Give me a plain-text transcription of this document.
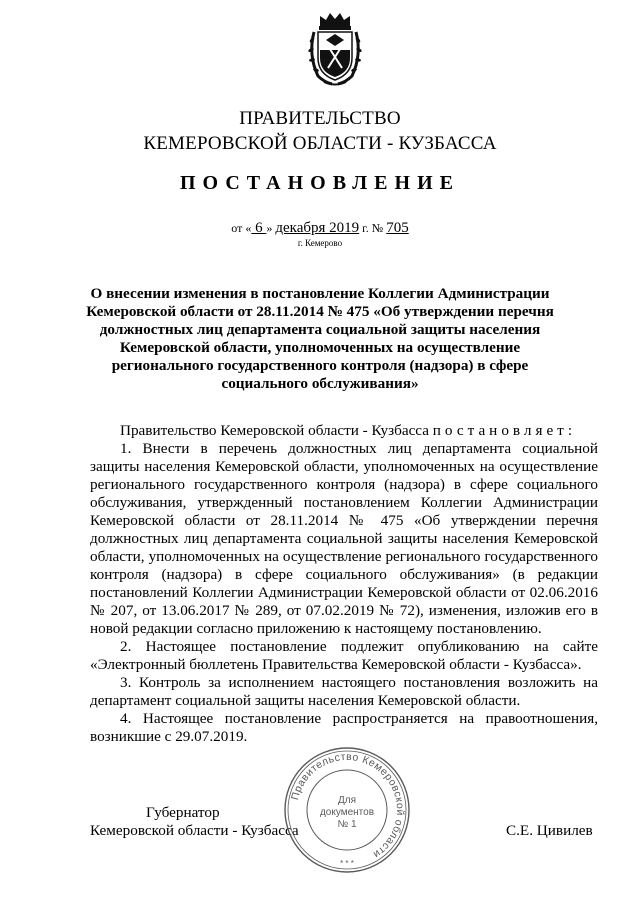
ПРАВИТЕЛЬСТВО
КЕМЕРОВСКОЙ ОБЛАСТИ - КУЗБАССА
ПОСТАНОВЛЕНИЕ
от « 6 » декабря 2019 г. № 705
г. Кемерово
О внесении изменения в постановление Коллегии Администрации
Кемеровской области от 28.11.2014 № 475 «Об утверждении перечня
должностных лиц департамента социальной защиты населения
Кемеровской области, уполномоченных на осуществление
регионального государственного контроля (надзора) в сфере
социального обслуживания»

Правительство Кемеровской области - Кузбасса постановляет:

1. Внести в перечень должностных лиц департамента социальной защиты населения Кемеровской области, уполномоченных на осуществление регионального государственного контроля (надзора) в сфере социального обслуживания, утвержденный постановлением Коллегии Администрации Кемеровской области от 28.11.2014 № 475 «Об утверждении перечня должностных лиц департамента социальной защиты населения Кемеровской области, уполномоченных на осуществление регионального государственного контроля (надзора) в сфере социального обслуживания» (в редакции постановлений Коллегии Администрации Кемеровской области от 02.06.2016 № 207, от 13.06.2017 № 289, от 07.02.2019 № 72), изменения, изложив его в новой редакции согласно приложению к настоящему постановлению.

2. Настоящее постановление подлежит опубликованию на сайте «Электронный бюллетень Правительства Кемеровской области - Кузбасса».

3. Контроль за исполнением настоящего постановления возложить на департамент социальной защиты населения Кемеровской области.

4. Настоящее постановление распространяется на правоотношения, возникшие с 29.07.2019.

Губернатор
Кемеровской области - Кузбасса	С.Е. Цивилев
Правительство Кемеровской области
Для
документов
№ 1
* * *
